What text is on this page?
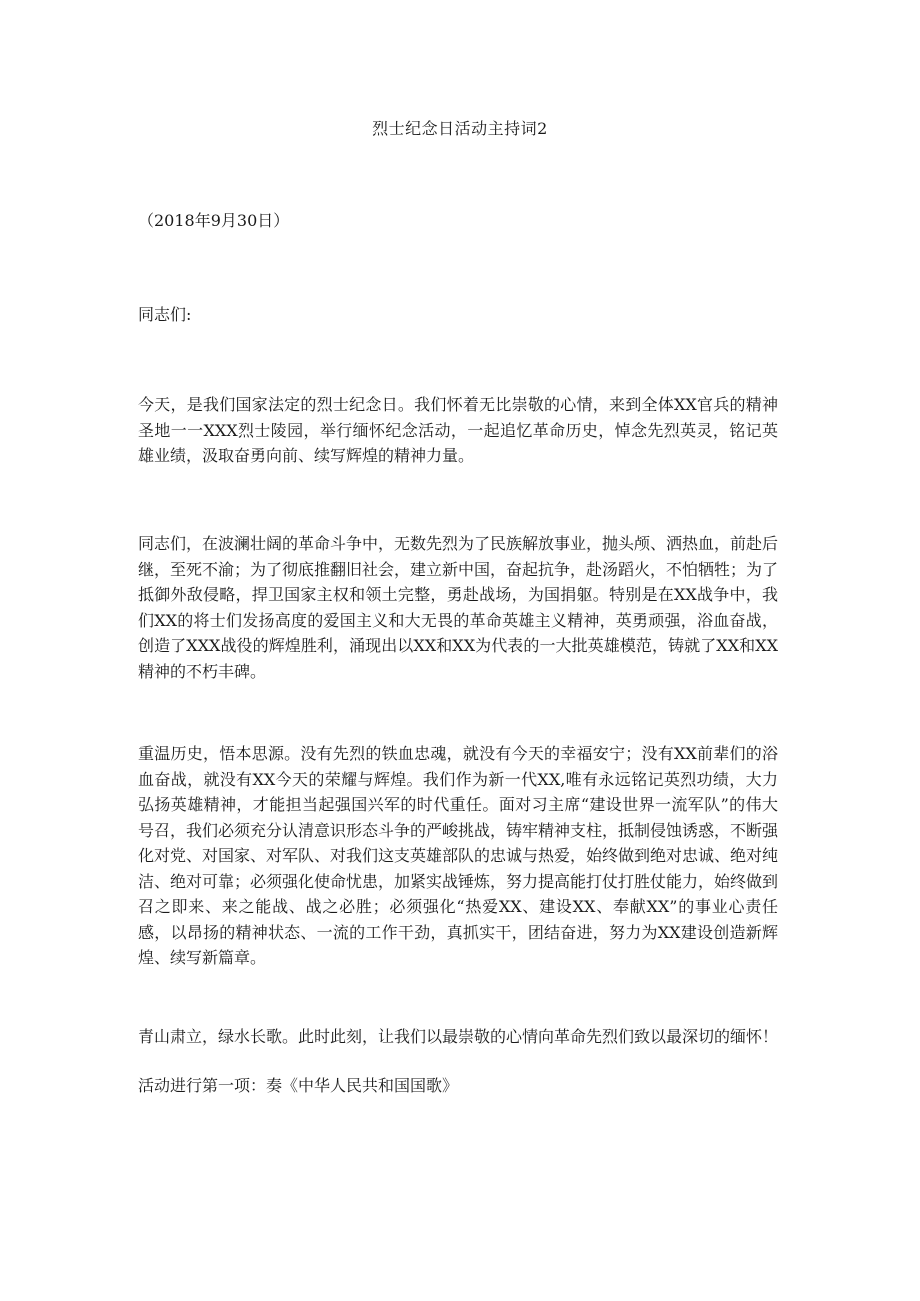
烈士纪念日活动主持词2

（2018年9月30日）

同志们:

今天，是我们国家法定的烈士纪念日。我们怀着无比崇敬的心情，来到全体XX官兵的精神圣地一一XXX烈士陵园，举行缅怀纪念活动，一起追忆革命历史，悼念先烈英灵，铭记英雄业绩，汲取奋勇向前、续写辉煌的精神力量。

同志们，在波澜壮阔的革命斗争中，无数先烈为了民族解放事业，抛头颅、洒热血，前赴后继，至死不渝；为了彻底推翻旧社会，建立新中国，奋起抗争，赴汤蹈火，不怕牺牲；为了抵御外敌侵略，捍卫国家主权和领土完整，勇赴战场，为国捐躯。特别是在XX战争中，我们XX的将士们发扬高度的爱国主义和大无畏的革命英雄主义精神，英勇顽强，浴血奋战，创造了XXX战役的辉煌胜利，涌现出以XX和XX为代表的一大批英雄模范，铸就了XX和XX精神的不朽丰碑。

重温历史，悟本思源。没有先烈的铁血忠魂，就没有今天的幸福安宁；没有XX前辈们的浴血奋战，就没有XX今天的荣耀与辉煌。我们作为新一代XX,唯有永远铭记英烈功绩，大力弘扬英雄精神，才能担当起强国兴军的时代重任。面对习主席“建设世界一流军队”的伟大号召，我们必须充分认清意识形态斗争的严峻挑战，铸牢精神支柱，抵制侵蚀诱惑，不断强化对党、对国家、对军队、对我们这支英雄部队的忠诚与热爱，始终做到绝对忠诚、绝对纯洁、绝对可靠；必须强化使命忧患，加紧实战锤炼，努力提高能打仗打胜仗能力，始终做到召之即来、来之能战、战之必胜；必须强化“热爱XX、建设XX、奉献XX”的事业心责任感，以昂扬的精神状态、一流的工作干劲，真抓实干，团结奋进，努力为XX建设创造新辉煌、续写新篇章。

青山肃立，绿水长歌。此时此刻，让我们以最崇敬的心情向革命先烈们致以最深切的缅怀！

活动进行第一项：奏《中华人民共和国国歌》
